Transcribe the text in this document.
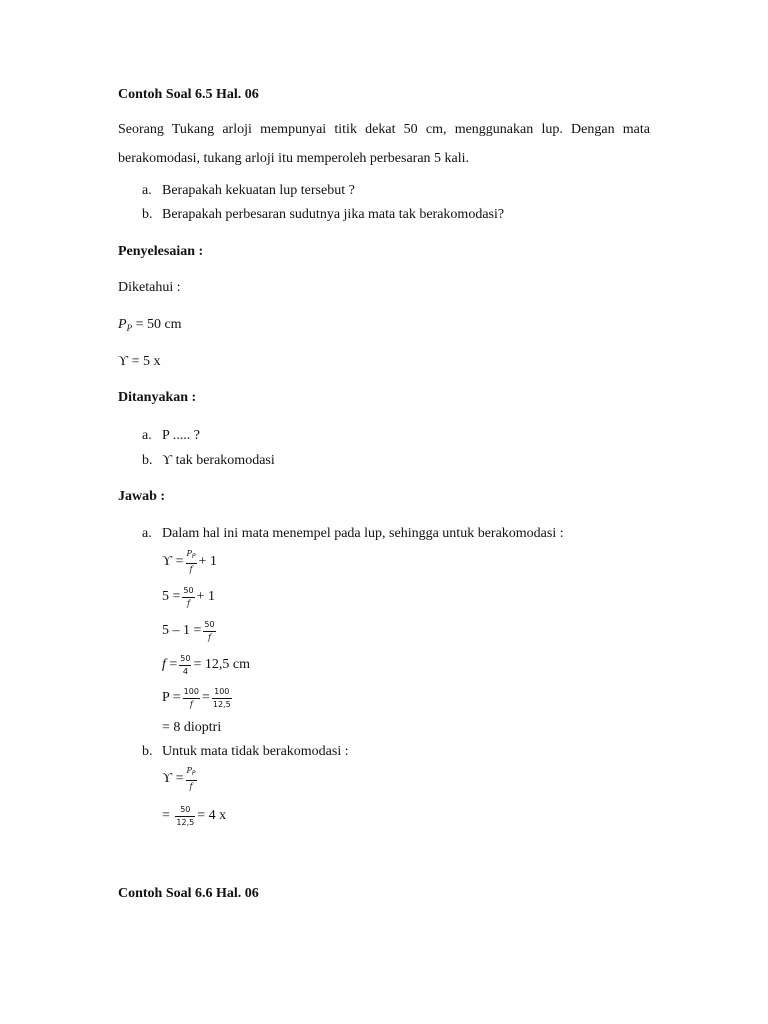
Contoh Soal 6.5 Hal. 06
Seorang Tukang arloji mempunyai titik dekat 50 cm, menggunakan lup. Dengan mata berakomodasi, tukang arloji itu memperoleh perbesaran 5 kali.
a. Berapakah kekuatan lup tersebut ?
b. Berapakah perbesaran sudutnya jika mata tak berakomodasi?
Penyelesaian :
Diketahui :
$P_P = 50$ cm
ϒ = 5 x
Ditanyakan :
a. P ..... ?
b. ϒ tak berakomodasi
Jawab :
a. Dalam hal ini mata menempel pada lup, sehingga untuk berakomodasi :
$ϒ = \frac{P_P}{f} + 1$
$5 = \frac{50}{f} + 1$
$5 - 1 = \frac{50}{f}$
f
= $\frac{50}{4} = 12,5$ cm
$P = \frac{100}{f} = \frac{100}{12,5}$
= 8 dioptri
b. Untuk mata tidak berakomodasi :
$ϒ = \frac{P_P}{f}$
=
$\frac{50}{12,5} = 4$ x
Contoh Soal 6.6 Hal. 06
